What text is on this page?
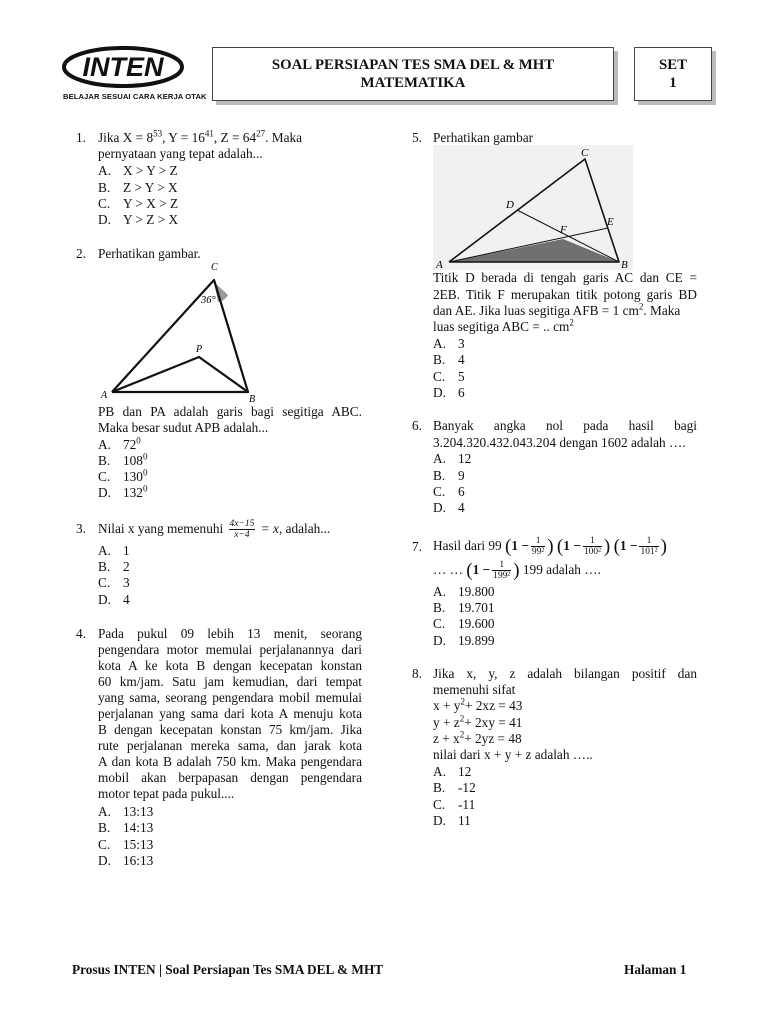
INTEN
BELAJAR SESUAI CARA KERJA OTAK
SOAL PERSIAPAN TES SMA DEL & MHT
MATEMATIKA
SET
1
1. Jika $X = 8^{53}$, $Y = 16^{41}$, $Z = 64^{27}$. Maka
pernyataan yang tepat adalah...
A. X > Y > Z
B. Z > Y > X
C. Y > X > Z
D. Y > Z > X
2. Perhatikan gambar.
C
36°
P
A	B
PB dan PA adalah garis bagi segitiga ABC.
Maka besar sudut APB adalah...
A. $72^0$
B. $108^0$
C. $130^0$
D. $132^0$
3. Nilai x yang memenuhi $\frac{4x-15}{x-4} = x$, adalah...
A. 1
B. 2
C. 3
D. 4
4. Pada pukul 09 lebih 13 menit, seorang
pengendara motor memulai perjalanannya dari
kota A ke kota B dengan kecepatan konstan
60 km/jam. Satu jam kemudian, dari tempat
yang sama, seorang pengendara mobil memulai
perjalanan yang sama dari kota A menuju kota
B dengan kecepatan konstan 75 km/jam. Jika
rute perjalanan mereka sama, dan jarak kota
A dan kota B adalah 750 km. Maka pengendara
mobil akan berpapasan dengan pengendara
motor tepat pada pukul....
A. 13:13
B. 14:13
C. 15:13
D. 16:13
5. Perhatikan gambar
C
D
E
F
A	B
Titik D berada di tengah garis AC dan CE =
2EB. Titik F merupakan titik potong garis BD
dan AE. Jika luas segitiga AFB = 1 $cm^2$. Maka
luas segitiga ABC = .. $cm^2$
A. 3
B. 4
C. 5
D. 6
6. Banyak angka nol pada hasil bagi
3.204.320.432.043.204 dengan 1602 adalah ….
A. 12
B. 9
C. 6
D. 4
7. Hasil dari 99 ($1 - \frac{1}{\text{99²}}$ ) ($1 - \frac{1}{\text{100²}}$ ) ($1 - \frac{1}{\text{101²}}$ )
… … ($1 - \frac{1}{\text{199²}}$ ) 199 adalah ….
A. 19.800
B. 19.701
C. 19.600
D. 19.899
8. Jika x, y, z adalah bilangan positif dan
memenuhi sifat
$x + y^2+ 2xz = 43$
$y + z^2+ 2xy = 41$
$z + x^2+ 2yz = 48$
nilai dari x + y + z adalah …..
A. 12
B. -12
C. -11
D. 11
Prosus INTEN | Soal Persiapan Tes SMA DEL & MHT	Halaman 1
